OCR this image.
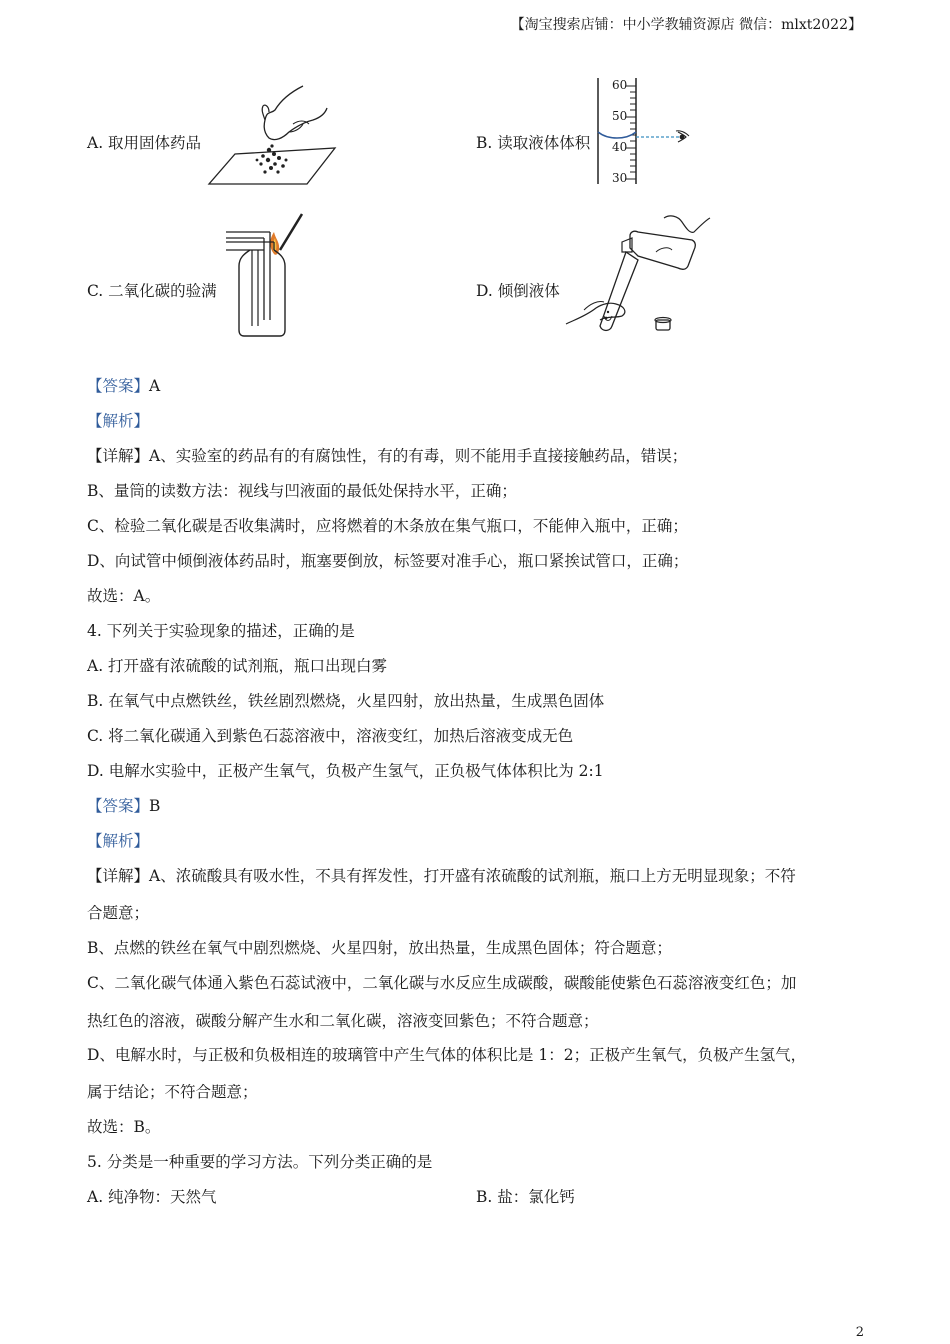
【淘宝搜索店铺：中小学教辅资源店 微信：mlxt2022】
A. 取用固体药品	B. 读取液体体积
60
50
40
30
C. 二氧化碳的验满	D. 倾倒液体
【答案】A
【解析】
【详解】A、实验室的药品有的有腐蚀性，有的有毒，则不能用手直接接触药品，错误；
B、量筒的读数方法：视线与凹液面的最低处保持水平，正确；
C、检验二氧化碳是否收集满时，应将燃着的木条放在集气瓶口，不能伸入瓶中，正确；
D、向试管中倾倒液体药品时，瓶塞要倒放，标签要对准手心，瓶口紧挨试管口，正确；
故选：A。
4. 下列关于实验现象的描述，正确的是
A. 打开盛有浓硫酸的试剂瓶，瓶口出现白雾
B. 在氧气中点燃铁丝，铁丝剧烈燃烧，火星四射，放出热量，生成黑色固体
C. 将二氧化碳通入到紫色石蕊溶液中，溶液变红，加热后溶液变成无色
D. 电解水实验中，正极产生氧气，负极产生氢气，正负极气体体积比为 2:1
【答案】B
【解析】
【详解】A、浓硫酸具有吸水性，不具有挥发性，打开盛有浓硫酸的试剂瓶，瓶口上方无明显现象；不符
合题意；
B、点燃的铁丝在氧气中剧烈燃烧、火星四射，放出热量，生成黑色固体；符合题意；
C、二氧化碳气体通入紫色石蕊试液中，二氧化碳与水反应生成碳酸，碳酸能使紫色石蕊溶液变红色；加
热红色的溶液，碳酸分解产生水和二氧化碳，溶液变回紫色；不符合题意；
D、电解水时，与正极和负极相连的玻璃管中产生气体的体积比是 1：2；正极产生氧气，负极产生氢气，
属于结论；不符合题意；
故选：B。
5. 分类是一种重要的学习方法。下列分类正确的是
A. 纯净物：天然气	B. 盐：氯化钙
2
